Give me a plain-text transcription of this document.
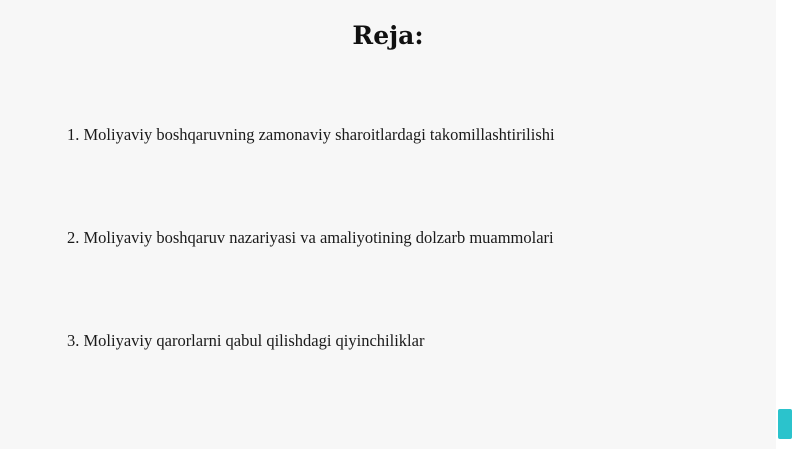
Reja:

1. Moliyaviy boshqaruvning zamonaviy sharoitlardagi takomillashtirilishi

2. Moliyaviy boshqaruv nazariyasi va amaliyotining dolzarb muammolari

3. Moliyaviy qarorlarni qabul qilishdagi qiyinchiliklar
